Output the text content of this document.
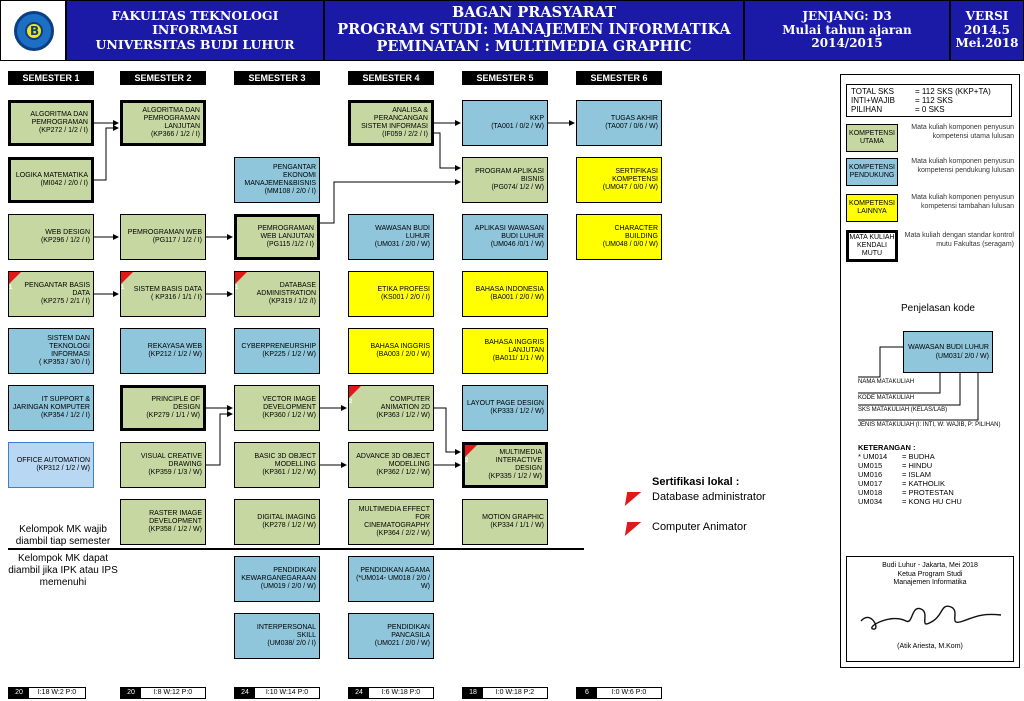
B
FAKULTAS TEKNOLOGI INFORMASI
UNIVERSITAS BUDI LUHUR
BAGAN PRASYARAT
PROGRAM STUDI: MANAJEMEN INFORMATIKA
PEMINATAN : MULTIMEDIA GRAPHIC
JENJANG: D3
Mulai tahun ajaran 2014/2015
VERSI
2014.5
Mei.2018
SEMESTER 1	SEMESTER 2	SEMESTER 3	SEMESTER 4	SEMESTER 5	SEMESTER 6
ALGORITMA DAN PEMROGRAMAN
(KP272 / 1/2 / I)
LOGIKA MATEMATIKA
(MI042 / 2/0 / I)
WEB DESIGN
(KP296 / 1/2 / I)
1	PENGANTAR BASIS DATA
(KP275 / 2/1 / I)
SISTEM DAN TEKNOLOGI INFORMASI
( KP353 / 3/0 / I)
IT SUPPORT & JARINGAN KOMPUTER
(KP354 / 1/2 / I)
OFFICE AUTOMATION
(KP312 / 1/2 / W)
ALGORITMA DAN PEMROGRAMAN LANJUTAN
(KP366 / 1/2 / I)
PEMROGRAMAN WEB
(PG117 / 1/2 / I)
1	SISTEM BASIS DATA
( KP316 / 1/1 / I)
REKAYASA WEB
(KP212 / 1/2 / W)
PRINCIPLE OF DESIGN
(KP279 / 1/1 / W)
VISUAL CREATIVE DRAWING
(KP359 / 1/3 / W)
RASTER IMAGE DEVELOPMENT
(KP358 / 1/2 / W)
PENGANTAR EKONOMI MANAJEMEN&BISNIS
(MM108 / 2/0 / I)
PEMROGRAMAN WEB LANJUTAN
(PG115 /1/2 / I)
1	DATABASE ADMINISTRATION
(KP319 / 1/2 /I)
CYBERPRENEURSHIP
(KP225 / 1/2 / W)
VECTOR IMAGE DEVELOPMENT
(KP360 / 1/2 / W)
BASIC 3D OBJECT MODELLING
(KP361 / 1/2 / W)
DIGITAL IMAGING
(KP278 / 1/2 / W)
PENDIDIKAN KEWARGANEGARAAN
(UM019 / 2/0 / W)
INTERPERSONAL SKILL
(UM038/ 2/0 / I)
ANALISA & PERANCANGAN SISTEM INFORMASI
(IF059 / 2/2 / I)
WAWASAN BUDI LUHUR
(UM031 / 2/0 / W)
ETIKA PROFESI
(KS001 / 2/0 / I)
BAHASA INGGRIS
(BA003 / 2/0 / W)
2	COMPUTER ANIMATION 2D
(KP363 / 1/2 / W)
ADVANCE 3D OBJECT MODELLING
(KP362 / 1/2 / W)
MULTIMEDIA EFFECT FOR CINEMATOGRAPHY
(KP364 / 2/2 / W)
PENDIDIKAN AGAMA
(*UM014- UM018 / 2/0 / W)
PENDIDIKAN PANCASILA
(UM021 / 2/0 / W)
KKP
(TA001 / 0/2 / W)
PROGRAM APLIKASI BISNIS
(PG074/ 1/2 / W)
APLIKASI WAWASAN BUDI LUHUR
(UM046 /0/1 / W)
BAHASA INDONESIA
(BA001 / 2/0 / W)
BAHASA INGGRIS LANJUTAN
(BA011/ 1/1 / W)
LAYOUT PAGE DESIGN
(KP333 / 1/2 / W)
2
MULTIMEDIA INTERACTIVE DESIGN
(KP335 / 1/2 / W)
MOTION GRAPHIC
(KP334 / 1/1 / W)
TUGAS AKHIR
(TA007 / 0/6 / W)
SERTIFIKASI KOMPETENSI
(UM047 / 0/0 / W)
CHARACTER BUILDING
(UM048 / 0/0 / W)
Kelompok MK wajib diambil tiap semester
Kelompok MK dapat diambil jika IPK atau IPS memenuhi
20	I:18 W:2 P:0	20	I:8 W:12 P:0	24	I:10 W:14 P:0	24	I:6 W:18 P:0	18	I:0 W:18 P:2	6	I:0 W:6 P:0
Sertifikasi lokal :
Database administrator
Computer Animator
TOTAL SKS	= 112 SKS (KKP+TA)
INTI+WAJIB	= 112 SKS
PILIHAN	= 0 SKS
KOMPETENSI UTAMA
Mata kuliah komponen penyusun kompetensi utama lulusan
KOMPETENSI PENDUKUNG
Mata kuliah komponen penyusun kompetensi pendukung lulusan
KOMPETENSI LAINNYA
Mata kuliah komponen penyusun kompetensi tambahan lulusan
MATA KULIAH KENDALI MUTU
Mata kuliah dengan standar kontrol mutu Fakultas (seragam)
Penjelasan kode
WAWASAN BUDI LUHUR
(UM031/ 2/0 / W)
NAMA MATAKULIAH
KODE MATAKULIAH
SKS MATAKULIAH (KELAS/LAB)
JENIS MATAKULIAH (I: INTI, W: WAJIB, P: PILIHAN)
KETERANGAN :
* UM014	= BUDHA
UM015	= HINDU
UM016	= ISLAM
UM017	= KATHOLIK
UM018	= PROTESTAN
UM034	= KONG HU CHU
Budi Luhur - Jakarta, Mei 2018
Ketua Program Studi
Manajemen Informatika
(Atik Ariesta, M.Kom)
